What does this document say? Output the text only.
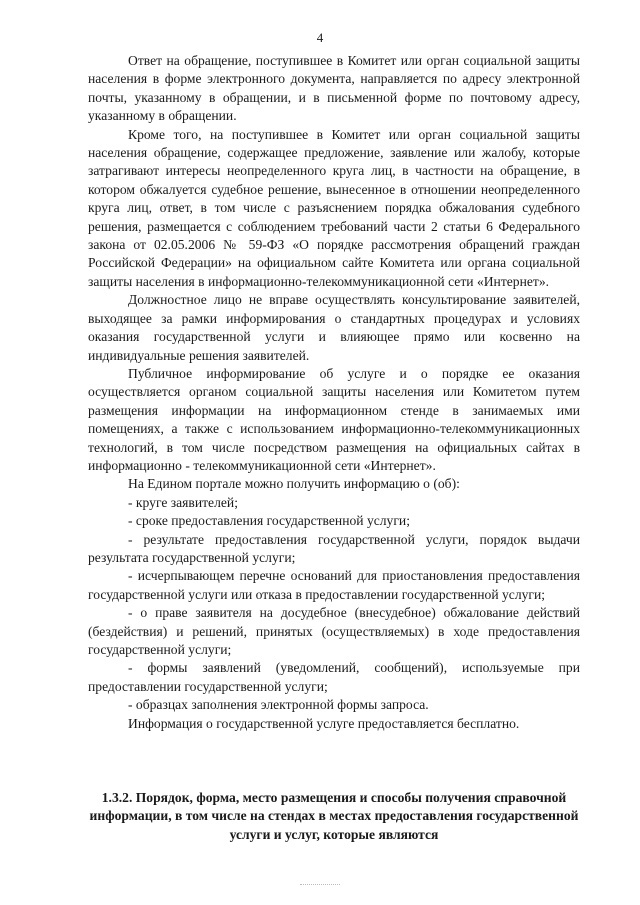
4

Ответ на обращение, поступившее в Комитет или орган социальной защиты населения в форме электронного документа, направляется по адресу электронной почты, указанному в обращении, и в письменной форме по почтовому адресу, указанному в обращении.

Кроме того, на поступившее в Комитет или орган социальной защиты населения обращение, содержащее предложение, заявление или жалобу, которые затрагивают интересы неопределенного круга лиц, в частности на обращение, в котором обжалуется судебное решение, вынесенное в отношении неопределенного круга лиц, ответ, в том числе с разъяснением порядка обжалования судебного решения, размещается с соблюдением требований части 2 статьи 6 Федерального закона от 02.05.2006 № 59-ФЗ «О порядке рассмотрения обращений граждан Российской Федерации» на официальном сайте Комитета или органа социальной защиты населения в информационно-телекоммуникационной сети «Интернет».

Должностное лицо не вправе осуществлять консультирование заявителей, выходящее за рамки информирования о стандартных процедурах и условиях оказания государственной услуги и влияющее прямо или косвенно на индивидуальные решения заявителей.

Публичное информирование об услуге и о порядке ее оказания осуществляется органом социальной защиты населения или Комитетом путем размещения информации на информационном стенде в занимаемых ими помещениях, а также с использованием информационно-телекоммуникационных технологий, в том числе посредством размещения на официальных сайтах в информационно - телекоммуникационной сети «Интернет».

На Едином портале можно получить информацию о (об):

- круге заявителей;

- сроке предоставления государственной услуги;

- результате предоставления государственной услуги, порядок выдачи результата государственной услуги;

- исчерпывающем перечне оснований для приостановления предоставления государственной услуги или отказа в предоставлении государственной услуги;

- о праве заявителя на досудебное (внесудебное) обжалование действий (бездействия) и решений, принятых (осуществляемых) в ходе предоставления государственной услуги;

- формы заявлений (уведомлений, сообщений), используемые при предоставлении государственной услуги;

- образцах заполнения электронной формы запроса.

Информация о государственной услуге предоставляется бесплатно.

1.3.2. Порядок, форма, место размещения и способы получения справочной информации, в том числе на стендах в местах предоставления государственной услуги и услуг, которые являются
